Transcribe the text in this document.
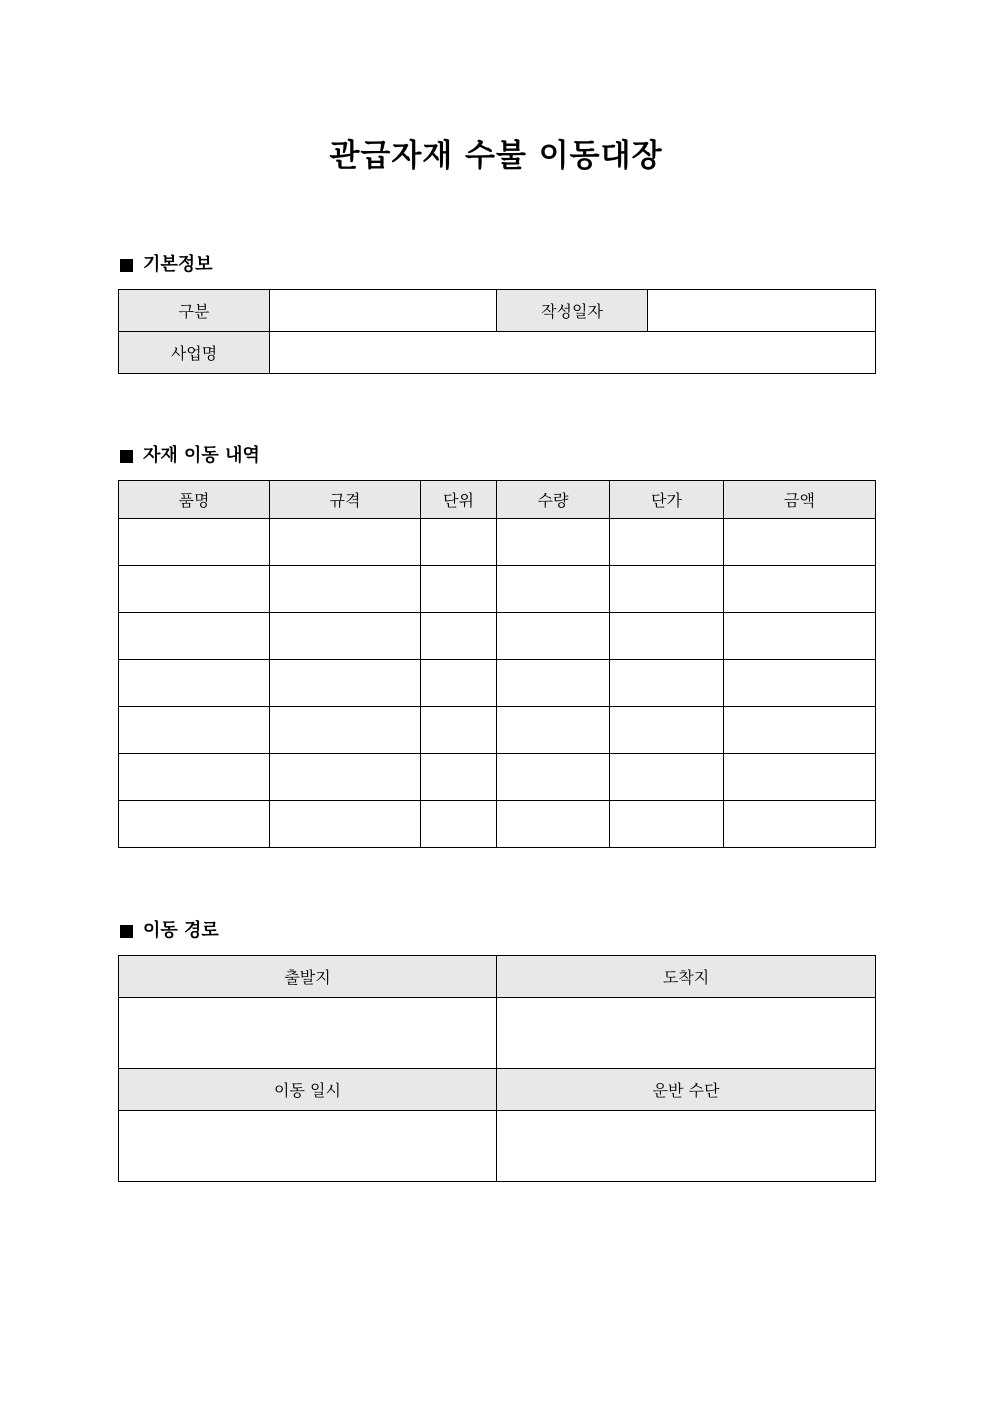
관급자재 수불 이동대장
기본정보
구분		작성일자	
사업명			
자재 이동 내역
품명	규격	단위	수량	단가	금액

이동 경로
출발지	도착지

이동 일시	운반 수단
